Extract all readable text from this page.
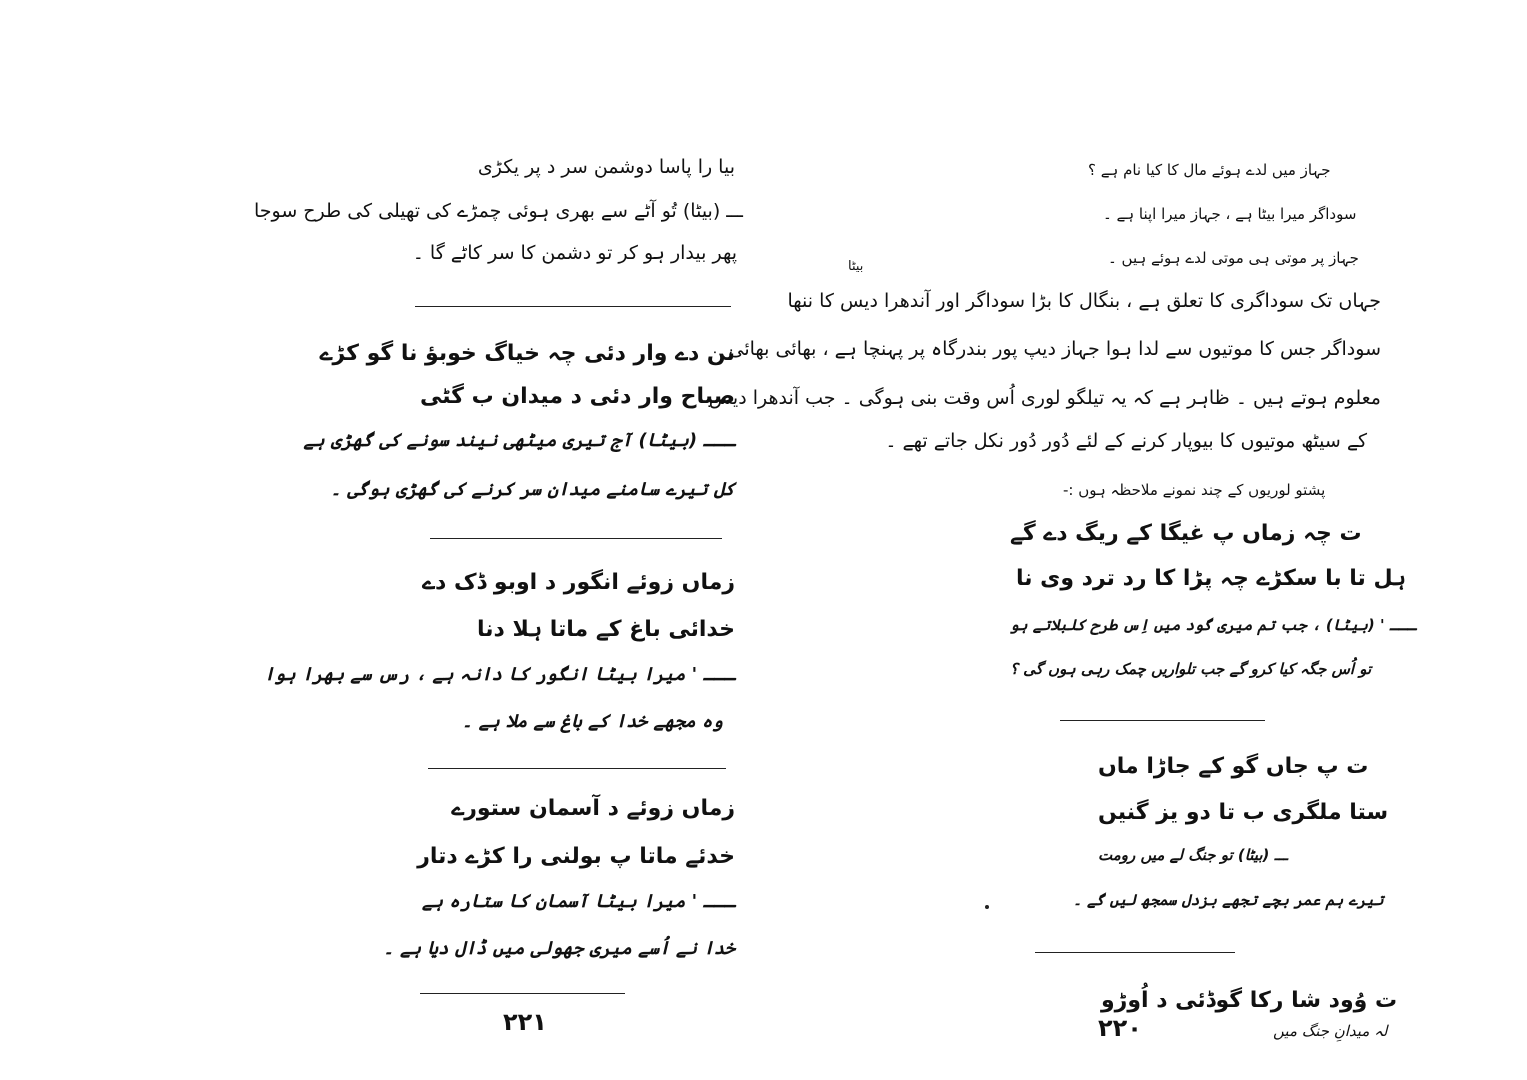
بیا را پاسا دوشمن سر د پر یکڑی
ـــ (بیٹا) تُو آٹے سے بھری ہوئی چمڑے کی تھیلی کی طرح سوجا
پھر بیدار ہو کر تو دشمن کا سر کاٹے گا ۔
نن دے وار دئی چہ خیاگ خوبؤ نا گو کڑے
صباح وار دئی د میدان ب گٹی
ـــ (بیٹا) آج تیری میٹھی نیند سونے کی گھڑی ہے
کل تیرے سامنے میدان سر کرنے کی گھڑی ہوگی ۔
زماں زوئے انگور د اوبو ڈک دے
خدائی باغ کے ماتا ہلا دنا
ـــ ' میرا بیٹا انگور کا دانہ ہے ، رس سے بھرا ہوا
وہ مجھے خدا کے باغ سے ملا ہے ۔
زماں زوئے د آسمان ستورے
خدئے ماتا پ بولنی را کڑے دتار
ـــ ' میرا بیٹا آسمان کا ستارہ ہے
خدا نے اُسے میری جھولی میں ڈال دیا ہے ۔
۲۲۱
جہاز میں لدے ہوئے مال کا کیا نام ہے ؟
سوداگر میرا بیٹا ہے ، جہاز میرا اپنا ہے ۔
جہاز پر موتی ہی موتی لدے ہوئے ہیں ۔
بیٹا
جہاں تک سوداگری کا تعلق ہے ، بنگال کا بڑا سوداگر اور آندھرا دیس کا ننھا
سوداگر جس کا موتیوں سے لدا ہوا جہاز دیپ پور بندرگاہ پر پہنچا ہے ، بھائی بھائی
معلوم ہوتے ہیں ۔ ظاہر ہے کہ یہ تیلگو لوری اُس وقت بنی ہوگی ۔ جب آندھرا دیس
کے سیٹھ موتیوں کا بیوپار کرنے کے لئے دُور دُور نکل جاتے تھے ۔
پشتو لوریوں کے چند نمونے ملاحظہ ہوں :-
ت چہ زماں پ غیگا کے ریگ دے گے
ہل تا با سکڑے چہ پڑا کا رد ترد وی نا
ـــ ' (بیٹا) ، جب تم میری گود میں اِس طرح کلبلاتے ہو
تو اُس جگہ کیا کرو گے جب تلواریں چمک رہی ہوں گی ؟
ت پ جاں گو کے جاڑا ماں
ستا ملگری ب تا دو یز گنیں
ـــ (بیٹا) تو جنگ لے میں رومت
تیرے ہم عمر بچے تجھے بزدل سمجھ لیں گے ۔
ت وُود شا رکا گوڈئی د اُوڑو
۲۲۰	لہ میدانِ جنگ میں
